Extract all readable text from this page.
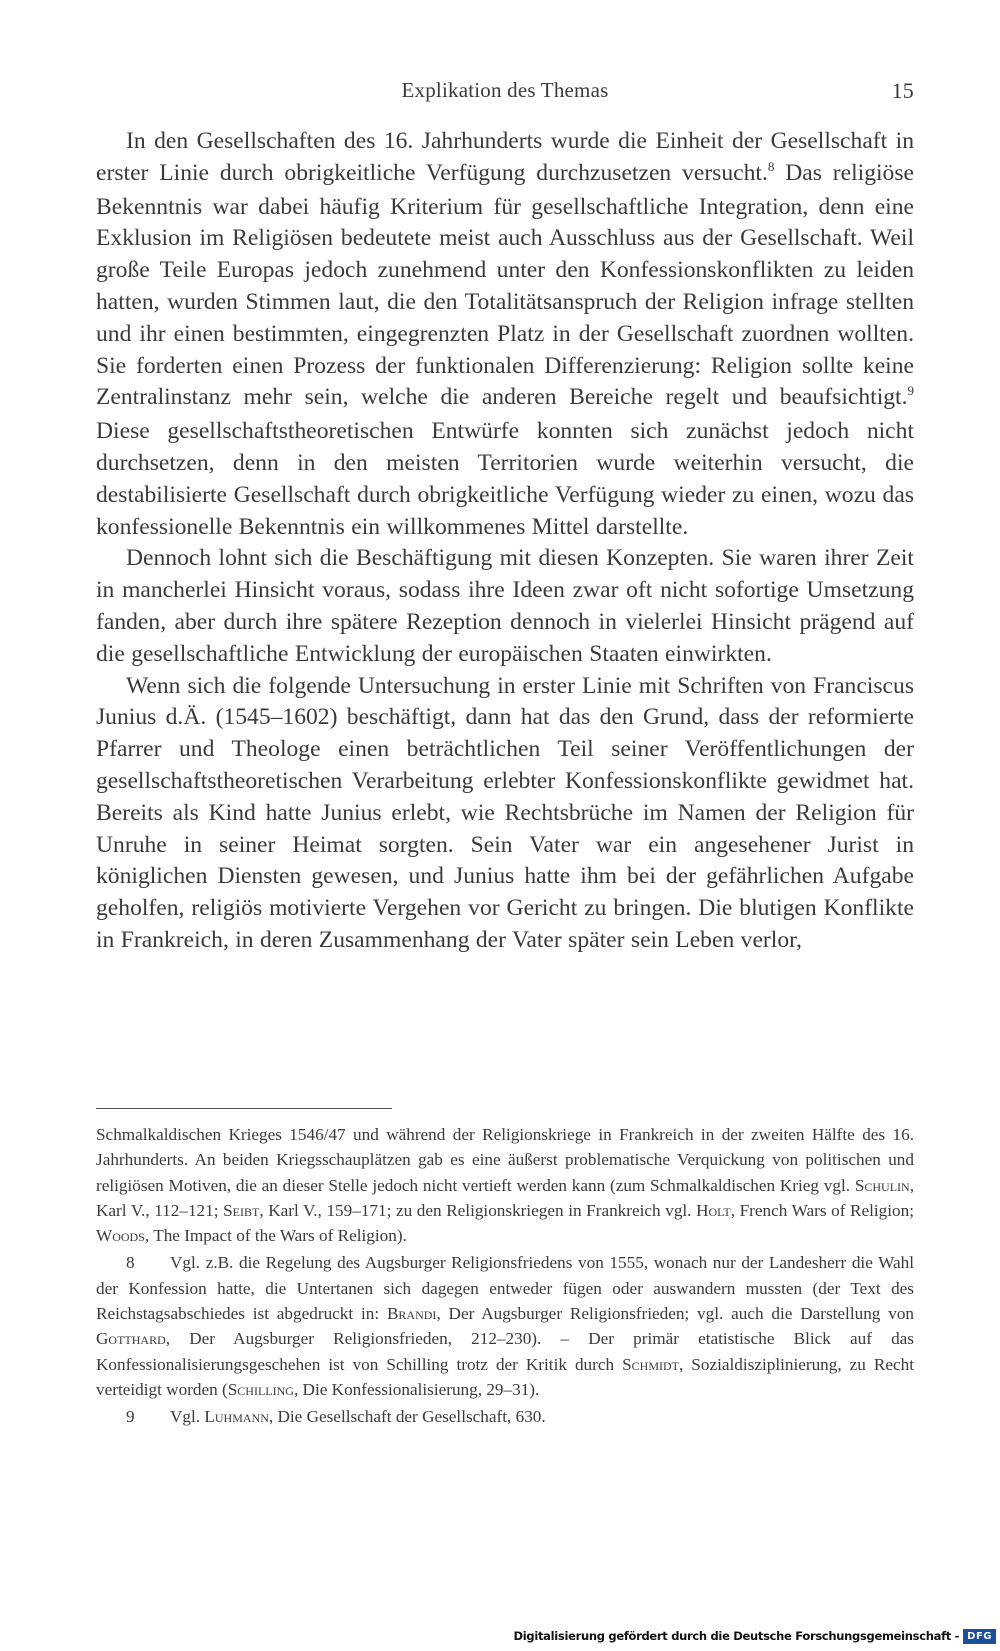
Explikation des Themas	15

In den Gesellschaften des 16. Jahrhunderts wurde die Einheit der Gesellschaft in erster Linie durch obrigkeitliche Verfügung durchzusetzen versucht.$^8$ Das religiöse Bekenntnis war dabei häufig Kriterium für gesellschaftliche Integration, denn eine Exklusion im Religiösen bedeutete meist auch Ausschluss aus der Gesellschaft. Weil große Teile Europas jedoch zunehmend unter den Konfessionskonflikten zu leiden hatten, wurden Stimmen laut, die den Totalitätsanspruch der Religion infrage stellten und ihr einen bestimmten, eingegrenzten Platz in der Gesellschaft zuordnen wollten. Sie forderten einen Prozess der funktionalen Differenzierung: Religion sollte keine Zentralinstanz mehr sein, welche die anderen Bereiche regelt und beaufsichtigt.$^9$ Diese gesellschaftstheoretischen Entwürfe konnten sich zunächst jedoch nicht durchsetzen, denn in den meisten Territorien wurde weiterhin versucht, die destabilisierte Gesellschaft durch obrigkeitliche Verfügung wieder zu einen, wozu das konfessionelle Bekenntnis ein willkommenes Mittel darstellte.

Dennoch lohnt sich die Beschäftigung mit diesen Konzepten. Sie waren ihrer Zeit in mancherlei Hinsicht voraus, sodass ihre Ideen zwar oft nicht sofortige Umsetzung fanden, aber durch ihre spätere Rezeption dennoch in vielerlei Hinsicht prägend auf die gesellschaftliche Entwicklung der europäischen Staaten einwirkten.

Wenn sich die folgende Untersuchung in erster Linie mit Schriften von Franciscus Junius d.Ä. (1545–1602) beschäftigt, dann hat das den Grund, dass der reformierte Pfarrer und Theologe einen beträchtlichen Teil seiner Veröffentlichungen der gesellschaftstheoretischen Verarbeitung erlebter Konfessionskonflikte gewidmet hat. Bereits als Kind hatte Junius erlebt, wie Rechtsbrüche im Namen der Religion für Unruhe in seiner Heimat sorgten. Sein Vater war ein angesehener Jurist in königlichen Diensten gewesen, und Junius hatte ihm bei der gefährlichen Aufgabe geholfen, religiös motivierte Vergehen vor Gericht zu bringen. Die blutigen Konflikte in Frankreich, in deren Zusammenhang der Vater später sein Leben verlor,

Schmalkaldischen Krieges 1546/47 und während der Religionskriege in Frankreich in der zweiten Hälfte des 16. Jahrhunderts. An beiden Kriegsschauplätzen gab es eine äußerst problematische Verquickung von politischen und religiösen Motiven, die an dieser Stelle jedoch nicht vertieft werden kann (zum Schmalkaldischen Krieg vgl. Schulin, Karl V., 112–121; Seibt, Karl V., 159–171; zu den Religionskriegen in Frankreich vgl. Holt, French Wars of Religion; Woods, The Impact of the Wars of Religion).

8 Vgl. z.B. die Regelung des Augsburger Religionsfriedens von 1555, wonach nur der Landesherr die Wahl der Konfession hatte, die Untertanen sich dagegen entweder fügen oder auswandern mussten (der Text des Reichstagsabschiedes ist abgedruckt in: Brandi, Der Augsburger Religionsfrieden; vgl. auch die Darstellung von Gotthard, Der Augsburger Religionsfrieden, 212–230). – Der primär etatistische Blick auf das Konfessionalisierungsgeschehen ist von Schilling trotz der Kritik durch Schmidt, Sozialdisziplinierung, zu Recht verteidigt worden (Schilling, Die Konfessionalisierung, 29–31).

9 Vgl. Luhmann, Die Gesellschaft der Gesellschaft, 630.

Digitalisierung gefördert durch die Deutsche Forschungsgemeinschaft - DFG
